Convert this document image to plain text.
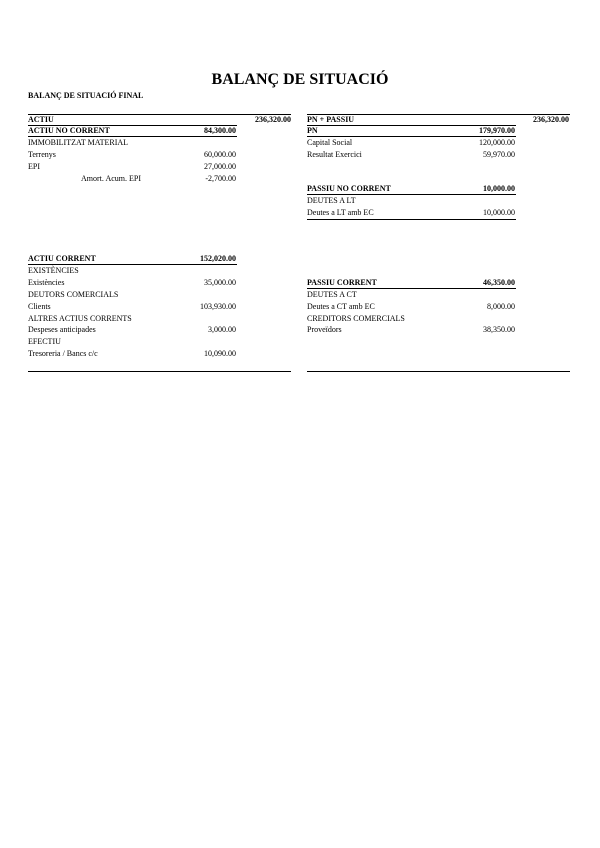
BALANÇ DE SITUACIÓ
BALANÇ DE SITUACIÓ FINAL
ACTIU	236,320.00
ACTIU NO CORRENT	84,300.00
IMMOBILITZAT MATERIAL
Terrenys	60,000.00
EPI	27,000.00
Amort. Acum. EPI	-2,700.00
ACTIU CORRENT	152,020.00
EXISTÈNCIES
Existències	35,000.00
DEUTORS COMERCIALS
Clients	103,930.00
ALTRES ACTIUS CORRENTS
Despeses anticipades	3,000.00
EFECTIU
Tresoreria / Bancs c/c	10,090.00
PN + PASSIU	236,320.00
PN	179,970.00
Capital Social	120,000.00
Resultat Exercici	59,970.00
PASSIU NO CORRENT	10,000.00
DEUTES A LT
Deutes a LT amb EC	10,000.00
PASSIU CORRENT	46,350.00
DEUTES A CT
Deutes a CT amb EC	8,000.00
CREDITORS COMERCIALS
Proveïdors	38,350.00
